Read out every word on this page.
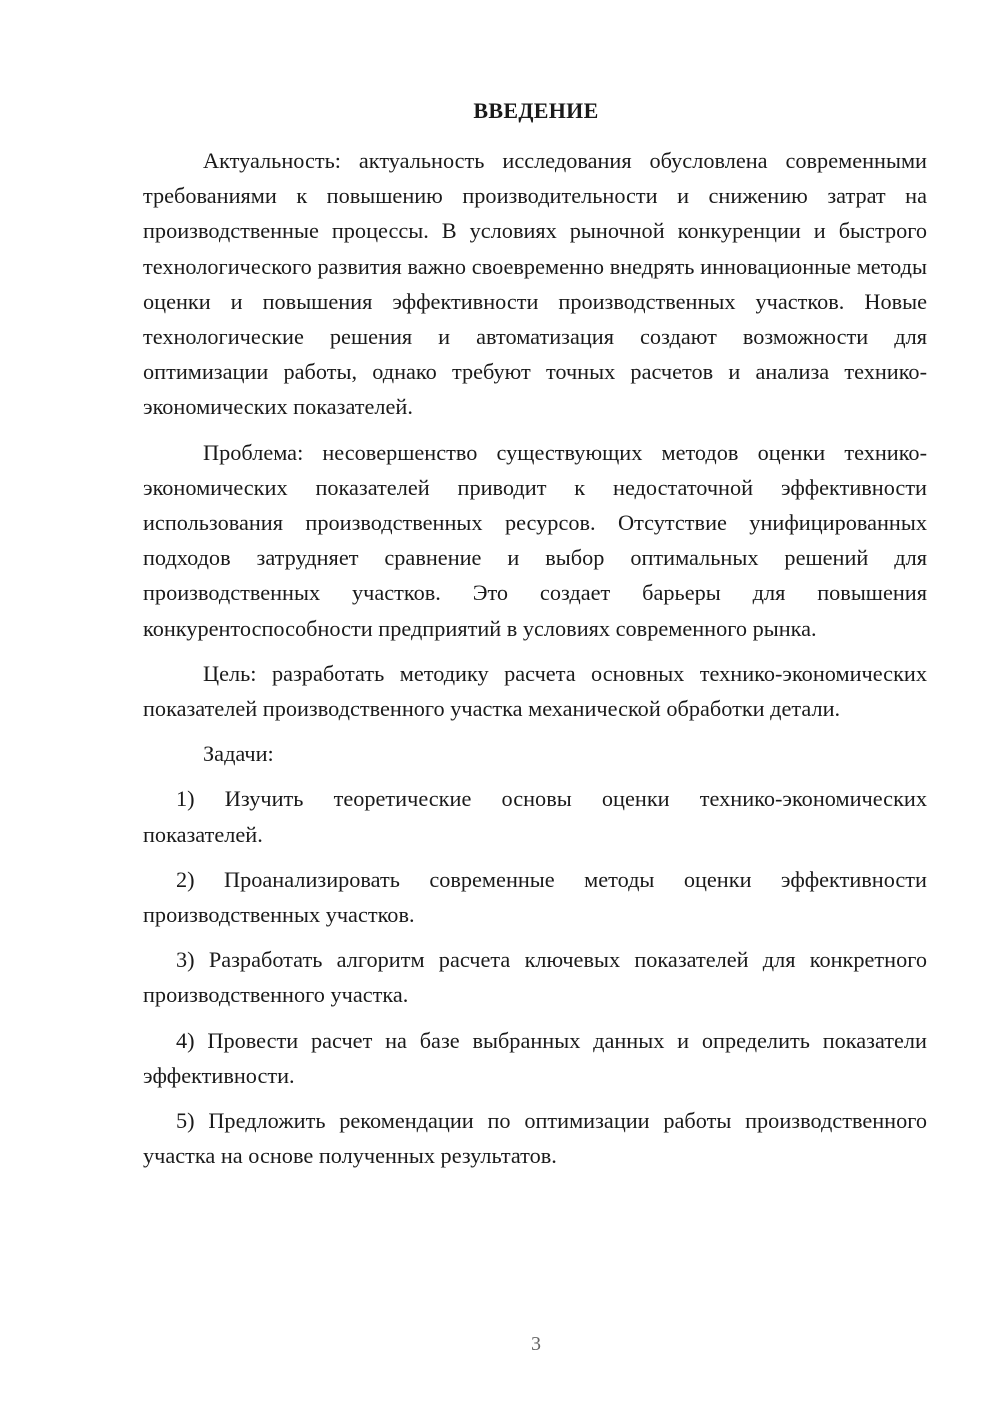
ВВЕДЕНИЕ

Актуальность: актуальность исследования обусловлена современными требованиями к повышению производительности и снижению затрат на производственные процессы. В условиях рыночной конкуренции и быстрого технологического развития важно своевременно внедрять инновационные методы оценки и повышения эффективности производственных участков. Новые технологические решения и автоматизация создают возможности для оптимизации работы, однако требуют точных расчетов и анализа технико-экономических показателей.

Проблема: несовершенство существующих методов оценки технико-экономических показателей приводит к недостаточной эффективности использования производственных ресурсов. Отсутствие унифицированных подходов затрудняет сравнение и выбор оптимальных решений для производственных участков. Это создает барьеры для повышения конкурентоспособности предприятий в условиях современного рынка.

Цель: разработать методику расчета основных технико-экономических показателей производственного участка механической обработки детали.

Задачи:

1) Изучить теоретические основы оценки технико-экономических показателей.

2) Проанализировать современные методы оценки эффективности производственных участков.

3) Разработать алгоритм расчета ключевых показателей для конкретного производственного участка.

4) Провести расчет на базе выбранных данных и определить показатели эффективности.

5) Предложить рекомендации по оптимизации работы производственного участка на основе полученных результатов.

3
